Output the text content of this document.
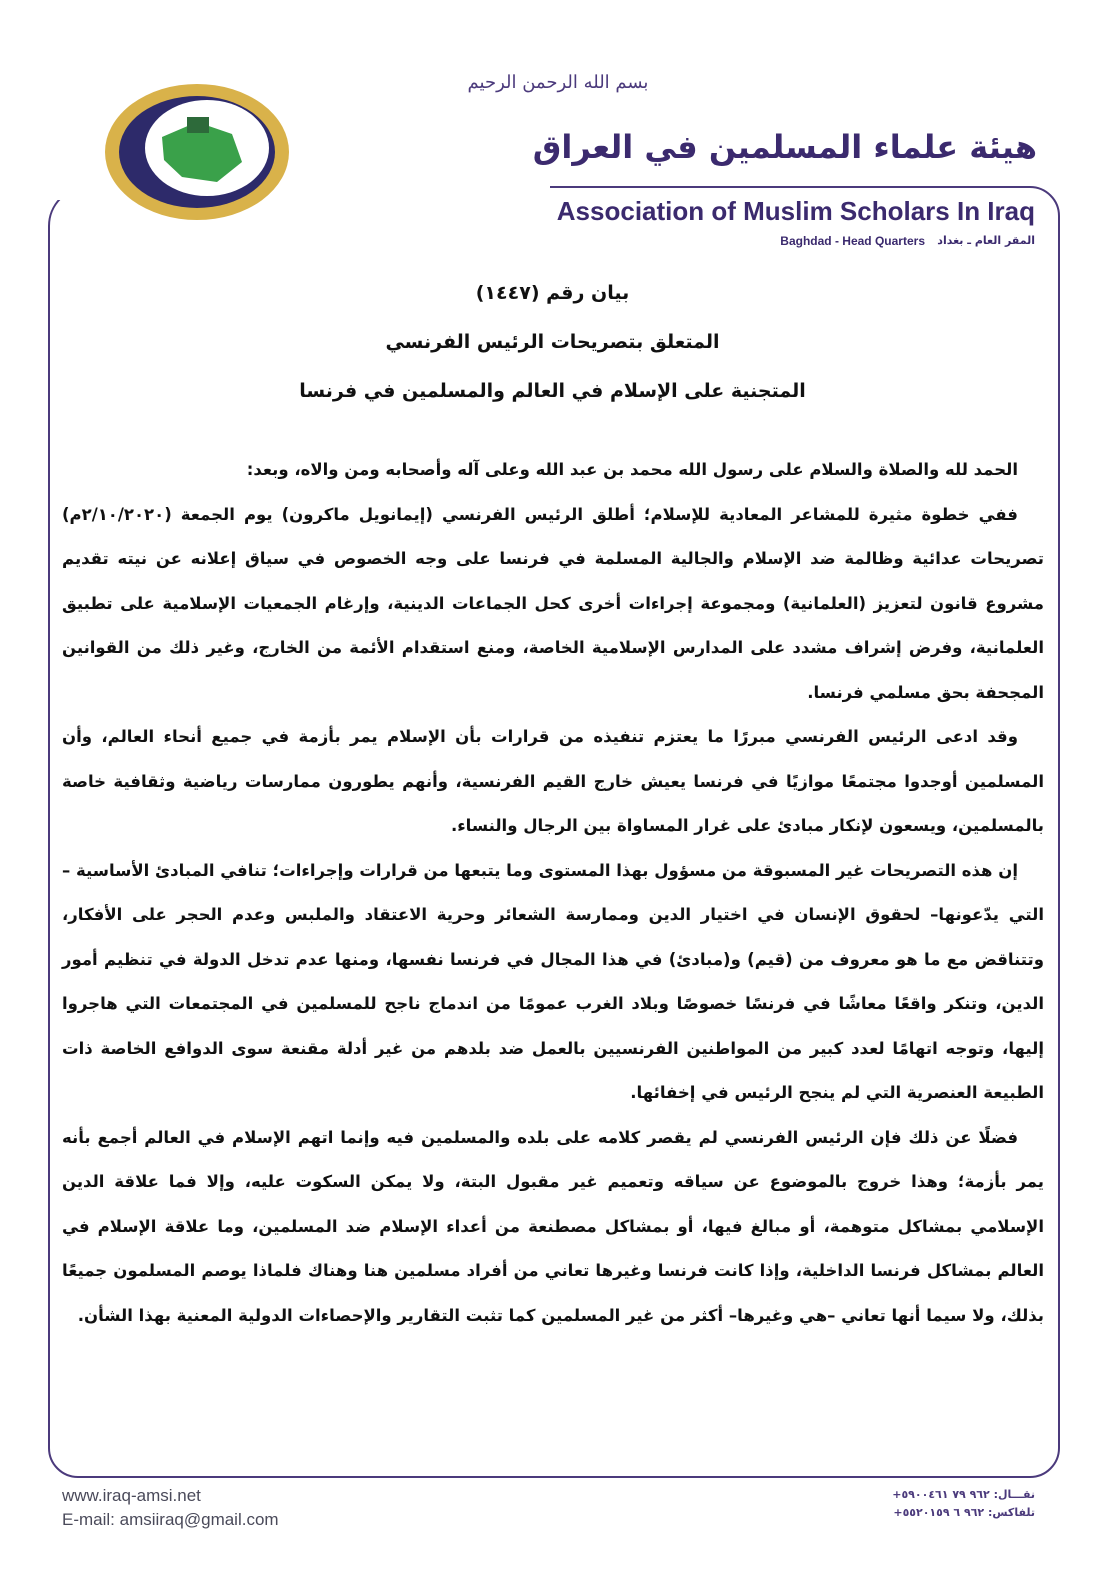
بسم الله الرحمن الرحيم
هيئة علماء المسلمين في العراق
Association of Muslim Scholars In Iraq
Baghdad - Head Quarters المقر العام ـ بغداد
بيان رقم (١٤٤٧)
المتعلق بتصريحات الرئيس الفرنسي
المتجنية على الإسلام في العالم والمسلمين في فرنسا

الحمد لله والصلاة والسلام على رسول الله محمد بن عبد الله وعلى آله وأصحابه ومن والاه، وبعد:

ففي خطوة مثيرة للمشاعر المعادية للإسلام؛ أطلق الرئيس الفرنسي (إيمانويل ماكرون) يوم الجمعة (٢/١٠/٢٠٢٠م) تصريحات عدائية وظالمة ضد الإسلام والجالية المسلمة في فرنسا على وجه الخصوص في سياق إعلانه عن نيته تقديم مشروع قانون لتعزيز (العلمانية) ومجموعة إجراءات أخرى كحل الجماعات الدينية، وإرغام الجمعيات الإسلامية على تطبيق العلمانية، وفرض إشراف مشدد على المدارس الإسلامية الخاصة، ومنع استقدام الأئمة من الخارج، وغير ذلك من القوانين المجحفة بحق مسلمي فرنسا.

وقد ادعى الرئيس الفرنسي مبررًا ما يعتزم تنفيذه من قرارات بأن الإسلام يمر بأزمة في جميع أنحاء العالم، وأن المسلمين أوجدوا مجتمعًا موازيًا في فرنسا يعيش خارج القيم الفرنسية، وأنهم يطورون ممارسات رياضية وثقافية خاصة بالمسلمين، ويسعون لإنكار مبادئ على غرار المساواة بين الرجال والنساء.

إن هذه التصريحات غير المسبوقة من مسؤول بهذا المستوى وما يتبعها من قرارات وإجراءات؛ تنافي المبادئ الأساسية –التي يدّعونها– لحقوق الإنسان في اختيار الدين وممارسة الشعائر وحرية الاعتقاد والملبس وعدم الحجر على الأفكار، وتتناقض مع ما هو معروف من (قيم) و(مبادئ) في هذا المجال في فرنسا نفسها، ومنها عدم تدخل الدولة في تنظيم أمور الدين، وتنكر واقعًا معاشًا في فرنسًا خصوصًا وبلاد الغرب عمومًا من اندماج ناجح للمسلمين في المجتمعات التي هاجروا إليها، وتوجه اتهامًا لعدد كبير من المواطنين الفرنسيين بالعمل ضد بلدهم من غير أدلة مقنعة سوى الدوافع الخاصة ذات الطبيعة العنصرية التي لم ينجح الرئيس في إخفائها.

فضلًا عن ذلك فإن الرئيس الفرنسي لم يقصر كلامه على بلده والمسلمين فيه وإنما اتهم الإسلام في العالم أجمع بأنه يمر بأزمة؛ وهذا خروج بالموضوع عن سياقه وتعميم غير مقبول البتة، ولا يمكن السكوت عليه، وإلا فما علاقة الدين الإسلامي بمشاكل متوهمة، أو مبالغ فيها، أو بمشاكل مصطنعة من أعداء الإسلام ضد المسلمين، وما علاقة الإسلام في العالم بمشاكل فرنسا الداخلية، وإذا كانت فرنسا وغيرها تعاني من أفراد مسلمين هنا وهناك فلماذا يوصم المسلمون جميعًا بذلك، ولا سيما أنها تعاني –هي وغيرها– أكثر من غير المسلمين كما تثبت التقارير والإحصاءات الدولية المعنية بهذا الشأن.

www.iraq-amsi.net
E-mail: amsiiraq@gmail.com
نقـــال: +٩٦٢ ٧٩ ٥٩٠٠٤٦١
تلفاكس: +٩٦٢ ٦ ٥٥٢٠١٥٩
